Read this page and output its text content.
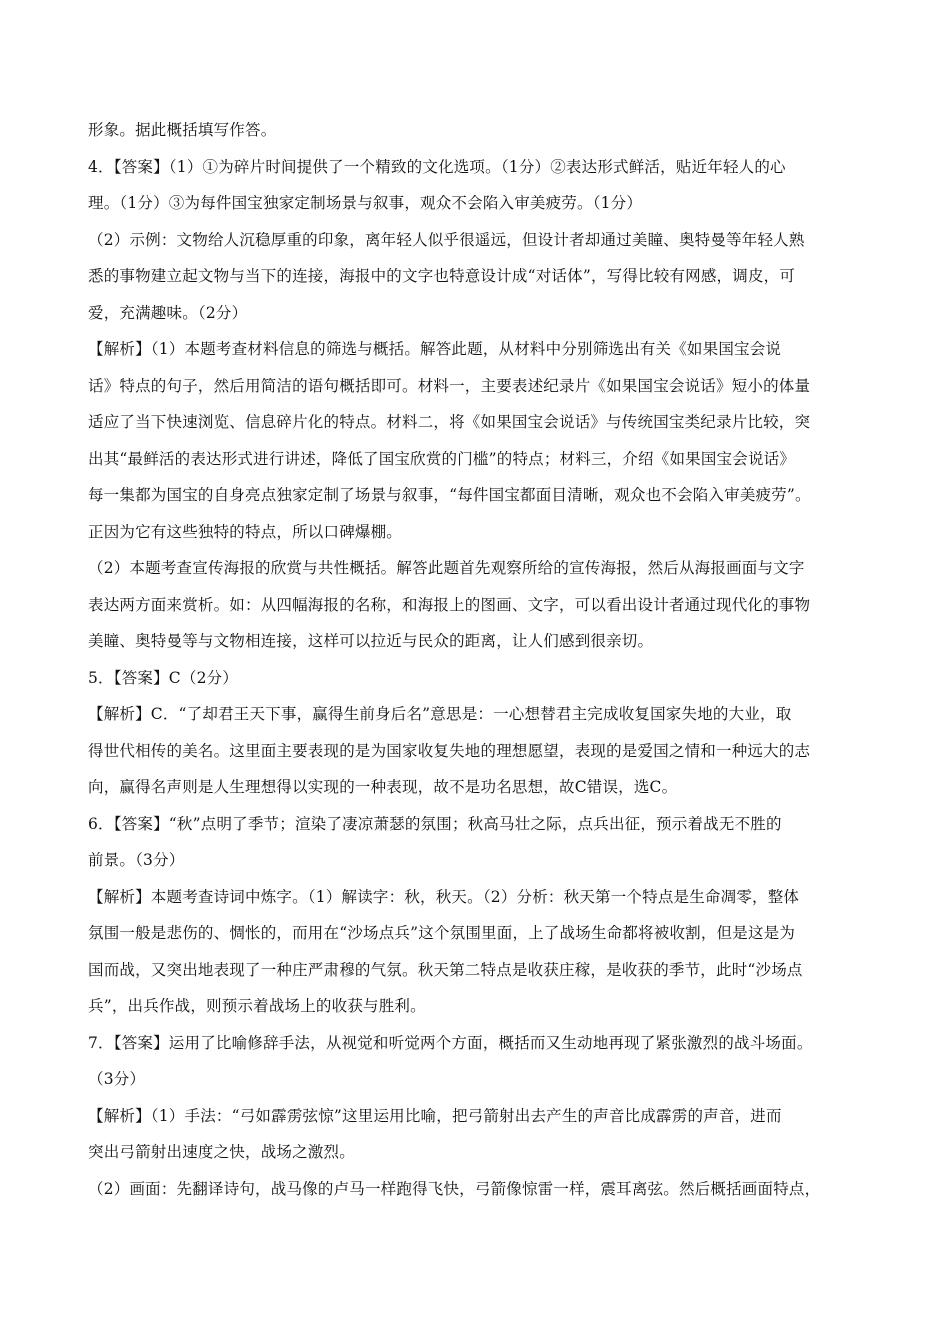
形象。据此概括填写作答。
4．【答案】（1）①为碎片时间提供了一个精致的文化选项。（1分）②表达形式鲜活，贴近年轻人的心
理。（1分）③为每件国宝独家定制场景与叙事，观众不会陷入审美疲劳。（1分）
（2）示例：文物给人沉稳厚重的印象，离年轻人似乎很遥远，但设计者却通过美瞳、奥特曼等年轻人熟
悉的事物建立起文物与当下的连接，海报中的文字也特意设计成“对话体”，写得比较有网感，调皮，可
爱，充满趣味。（2分）
【解析】（1）本题考查材料信息的筛选与概括。解答此题，从材料中分别筛选出有关《如果国宝会说
话》特点的句子，然后用简洁的语句概括即可。材料一，主要表述纪录片《如果国宝会说话》短小的体量
适应了当下快速浏览、信息碎片化的特点。材料二，将《如果国宝会说话》与传统国宝类纪录片比较，突
出其“最鲜活的表达形式进行讲述，降低了国宝欣赏的门槛”的特点；材料三，介绍《如果国宝会说话》
每一集都为国宝的自身亮点独家定制了场景与叙事，“每件国宝都面目清晰，观众也不会陷入审美疲劳”。
正因为它有这些独特的特点，所以口碑爆棚。
（2）本题考查宣传海报的欣赏与共性概括。解答此题首先观察所给的宣传海报，然后从海报画面与文字
表达两方面来赏析。如：从四幅海报的名称，和海报上的图画、文字，可以看出设计者通过现代化的事物
美瞳、奥特曼等与文物相连接，这样可以拉近与民众的距离，让人们感到很亲切。
5．【答案】C（2分）
【解析】C．“了却君王天下事，赢得生前身后名”意思是：一心想替君主完成收复国家失地的大业，取
得世代相传的美名。这里面主要表现的是为国家收复失地的理想愿望，表现的是爱国之情和一种远大的志
向，赢得名声则是人生理想得以实现的一种表现，故不是功名思想，故C错误，选C。
6．【答案】“秋”点明了季节；渲染了凄凉萧瑟的氛围；秋高马壮之际，点兵出征，预示着战无不胜的
前景。（3分）
【解析】本题考查诗词中炼字。（1）解读字：秋，秋天。（2）分析：秋天第一个特点是生命凋零，整体
氛围一般是悲伤的、惆怅的，而用在“沙场点兵”这个氛围里面，上了战场生命都将被收割，但是这是为
国而战，又突出地表现了一种庄严肃穆的气氛。秋天第二特点是收获庄稼，是收获的季节，此时“沙场点
兵”，出兵作战，则预示着战场上的收获与胜利。
7．【答案】运用了比喻修辞手法，从视觉和听觉两个方面，概括而又生动地再现了紧张激烈的战斗场面。
（3分）
【解析】（1）手法：“弓如霹雳弦惊”这里运用比喻，把弓箭射出去产生的声音比成霹雳的声音，进而
突出弓箭射出速度之快，战场之激烈。
（2）画面：先翻译诗句，战马像的卢马一样跑得飞快，弓箭像惊雷一样，震耳离弦。然后概括画面特点，
